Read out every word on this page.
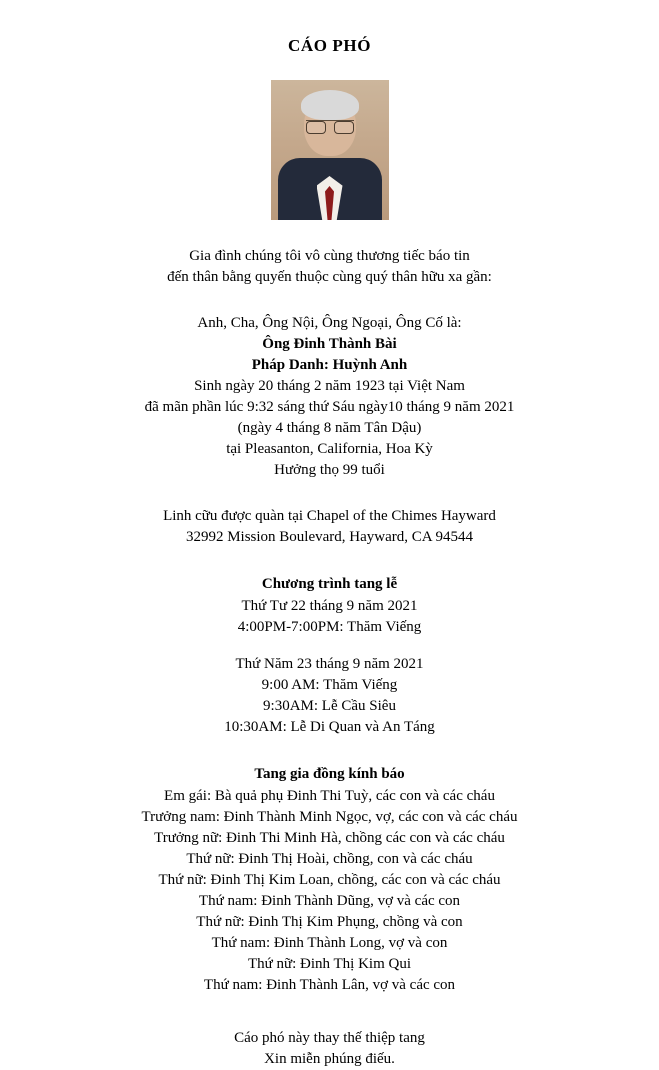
CÁO PHÓ
Gia đình chúng tôi vô cùng thương tiếc báo tin
đến thân bằng quyến thuộc cùng quý thân hữu xa gần:
Anh, Cha, Ông Nội, Ông Ngoại, Ông Cố là:
Ông Đinh Thành Bài
Pháp Danh: Huỳnh Anh
Sinh ngày 20 tháng 2 năm 1923 tại Việt Nam
đã mãn phần lúc 9:32 sáng thứ Sáu ngày10 tháng 9 năm 2021
(ngày 4 tháng 8 năm Tân Dậu)
tại Pleasanton, California, Hoa Kỳ
Hưởng thọ 99 tuổi
Linh cữu được quàn tại Chapel of the Chimes Hayward
32992 Mission Boulevard, Hayward, CA 94544
Chương trình tang lễ
Thứ Tư 22 tháng 9 năm 2021
4:00PM-7:00PM: Thăm Viếng
Thứ Năm 23 tháng 9 năm 2021
9:00 AM: Thăm Viếng
9:30AM: Lễ Cầu Siêu
10:30AM: Lễ Di Quan và An Táng
Tang gia đồng kính báo
Em gái: Bà quả phụ Đinh Thi Tuỳ, các con và các cháu
Trưởng nam: Đinh Thành Minh Ngọc, vợ, các con và các cháu
Trưởng nữ: Đinh Thi Minh Hà, chồng các con và các cháu
Thứ nữ: Đinh Thị Hoài, chồng, con và các cháu
Thứ nữ: Đinh Thị Kim Loan, chồng, các con và các cháu
Thứ nam: Đinh Thành Dũng, vợ và các con
Thứ nữ: Đinh Thị Kim Phụng, chồng và con
Thứ nam: Đinh Thành Long, vợ và con
Thứ nữ: Đinh Thị Kim Qui
Thứ nam: Đinh Thành Lân, vợ và các con
Cáo phó này thay thế thiệp tang
Xin miễn phúng điếu.
